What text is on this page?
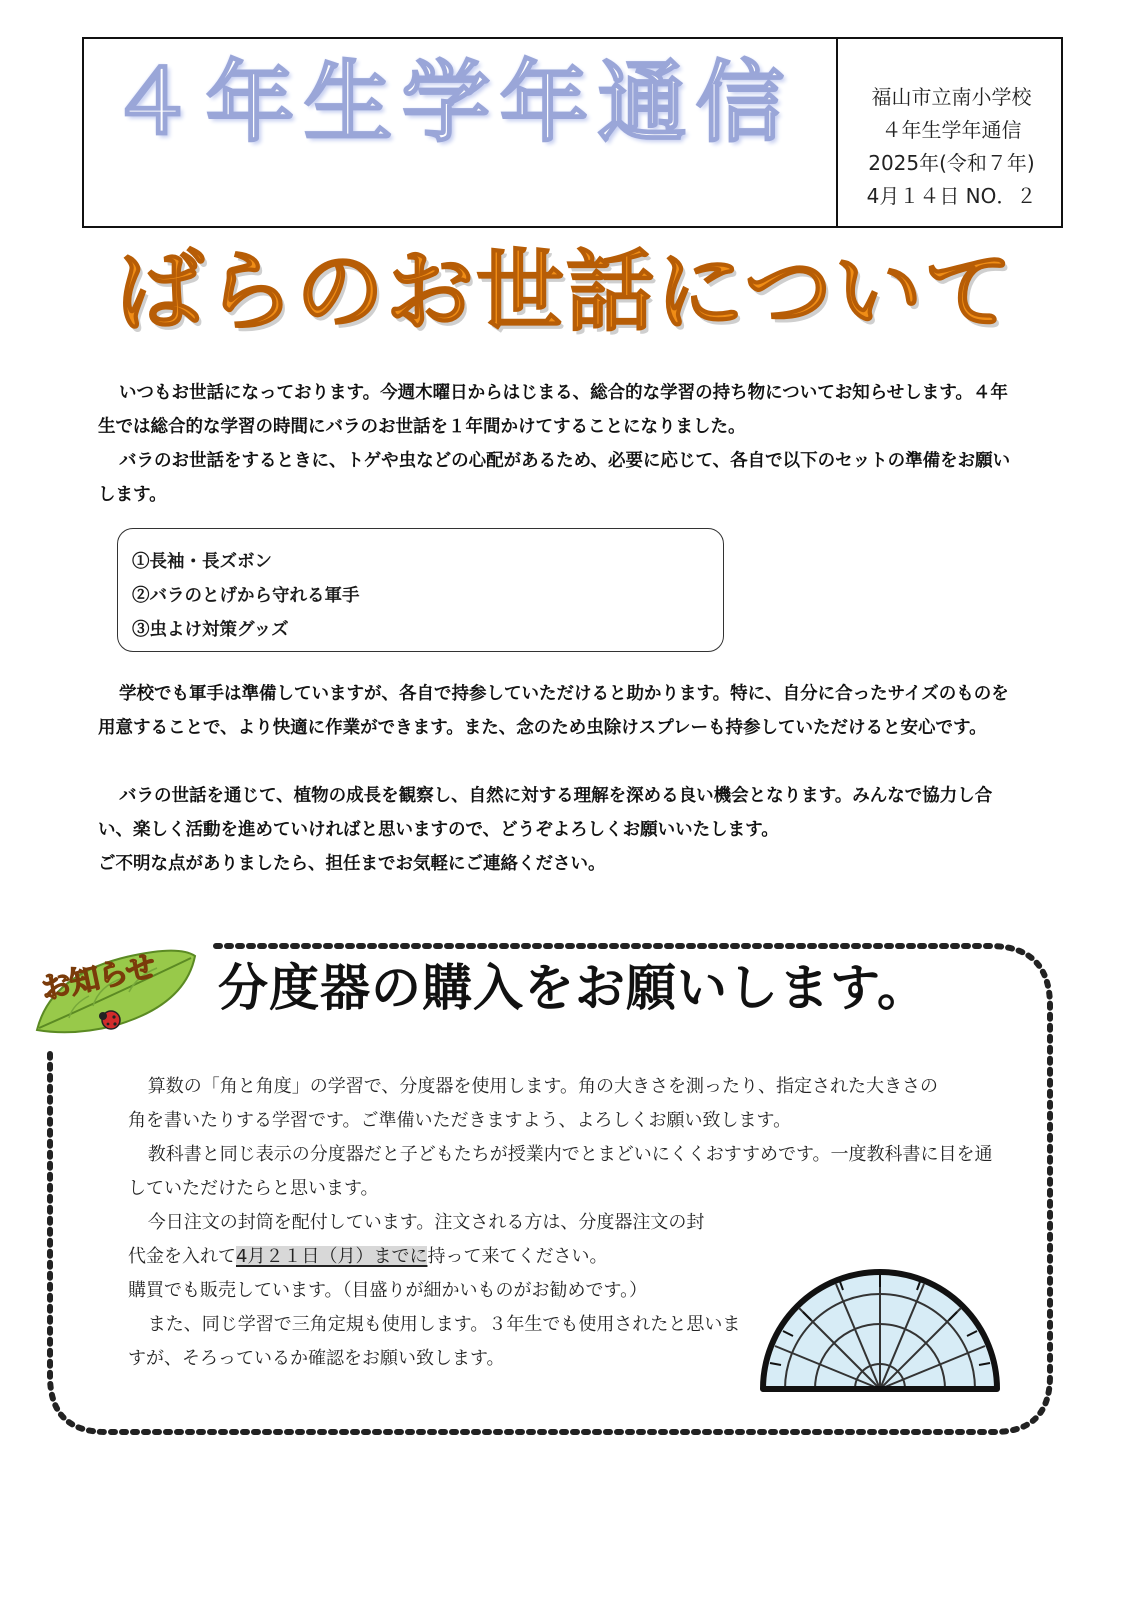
４年生学年通信	福山市立南小学校
４年生学年通信
2025年(令和７年)
4月１４日 NO．２
ばらのお世話について

いつもお世話になっております。今週木曜日からはじまる、総合的な学習の持ち物についてお知らせします。４年生では総合的な学習の時間にバラのお世話を１年間かけてすることになりました。

バラのお世話をするときに、トゲや虫などの心配があるため、必要に応じて、各自で以下のセットの準備をお願いします。

①長袖・長ズボン
②バラのとげから守れる軍手
③虫よけ対策グッズ

学校でも軍手は準備していますが、各自で持参していただけると助かります。特に、自分に合ったサイズのものを用意することで、より快適に作業ができます。また、念のため虫除けスプレーも持参していただけると安心です。

バラの世話を通じて、植物の成長を観察し、自然に対する理解を深める良い機会となります。みんなで協力し合い、楽しく活動を進めていければと思いますので、どうぞよろしくお願いいたします。

ご不明な点がありましたら、担任までお気軽にご連絡ください。

お知らせ	分度器の購入をお願いします。

算数の「角と角度」の学習で、分度器を使用します。角の大きさを測ったり、指定された大きさの角を書いたりする学習です。ご準備いただきますよう、よろしくお願い致します。

教科書と同じ表示の分度器だと子どもたちが授業内でとまどいにくくおすすめです。一度教科書に目を通していただけたらと思います。

今日注文の封筒を配付しています。注文される方は、分度器注文の封

代金を入れて4月２１日（月）までに持って来てください。

購買でも販売しています。（目盛りが細かいものがお勧めです。）

また、同じ学習で三角定規も使用します。３年生でも使用されたと思いますが、そろっているか確認をお願い致します。
